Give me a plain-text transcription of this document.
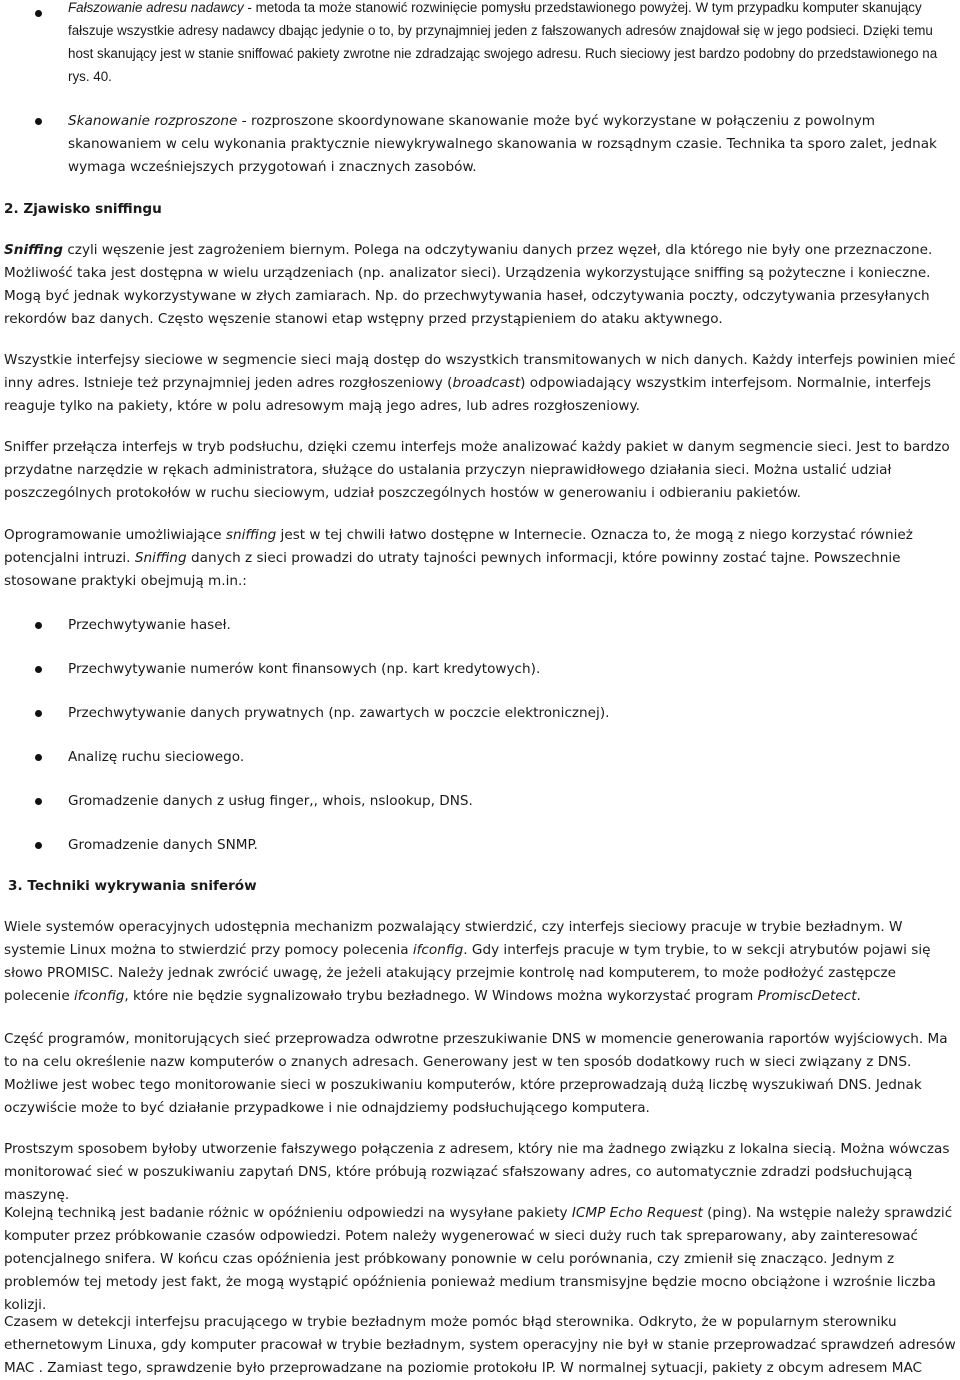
Fałszowanie adresu nadawcy - metoda ta może stanowić rozwinięcie pomysłu przedstawionego powyżej. W tym przypadku komputer skanujący fałszuje wszystkie adresy nadawcy dbając jedynie o to, by przynajmniej jeden z fałszowanych adresów znajdował się w jego podsieci. Dzięki temu host skanujący jest w stanie sniffować pakiety zwrotne nie zdradzając swojego adresu. Ruch sieciowy jest bardzo podobny do przedstawionego na rys. 40.
Skanowanie rozproszone - rozproszone skoordynowane skanowanie może być wykorzystane w połączeniu z powolnym skanowaniem w celu wykonania praktycznie niewykrywalnego skanowania w rozsądnym czasie. Technika ta sporo zalet, jednak wymaga wcześniejszych przygotowań i znacznych zasobów.
2. Zjawisko sniffingu
Sniffing czyli węszenie jest zagrożeniem biernym. Polega na odczytywaniu danych przez węzeł, dla którego nie były one przeznaczone. Możliwość taka jest dostępna w wielu urządzeniach (np. analizator sieci). Urządzenia wykorzystujące sniffing są pożyteczne i konieczne. Mogą być jednak wykorzystywane w złych zamiarach. Np. do przechwytywania haseł, odczytywania poczty, odczytywania przesyłanych rekordów baz danych. Często węszenie stanowi etap wstępny przed przystąpieniem do ataku aktywnego.
Wszystkie interfejsy sieciowe w segmencie sieci mają dostęp do wszystkich transmitowanych w nich danych. Każdy interfejs powinien mieć inny adres. Istnieje też przynajmniej jeden adres rozgłoszeniowy (broadcast) odpowiadający wszystkim interfejsom. Normalnie, interfejs reaguje tylko na pakiety, które w polu adresowym mają jego adres, lub adres rozgłoszeniowy.
Sniffer przełącza interfejs w tryb podsłuchu, dzięki czemu interfejs może analizować każdy pakiet w danym segmencie sieci. Jest to bardzo przydatne narzędzie w rękach administratora, służące do ustalania przyczyn nieprawidłowego działania sieci. Można ustalić udział poszczególnych protokołów w ruchu sieciowym, udział poszczególnych hostów w generowaniu i odbieraniu pakietów.
Oprogramowanie umożliwiające sniffing jest w tej chwili łatwo dostępne w Internecie. Oznacza to, że mogą z niego korzystać również potencjalni intruzi. Sniffing danych z sieci prowadzi do utraty tajności pewnych informacji, które powinny zostać tajne. Powszechnie stosowane praktyki obejmują m.in.:
Przechwytywanie haseł.
Przechwytywanie numerów kont finansowych (np. kart kredytowych).
Przechwytywanie danych prywatnych (np. zawartych w poczcie elektronicznej).
Analizę ruchu sieciowego.
Gromadzenie danych z usług finger,, whois, nslookup, DNS.
Gromadzenie danych SNMP.
3. Techniki wykrywania sniferów
Wiele systemów operacyjnych udostępnia mechanizm pozwalający stwierdzić, czy interfejs sieciowy pracuje w trybie bezładnym. W systemie Linux można to stwierdzić przy pomocy polecenia ifconfig. Gdy interfejs pracuje w tym trybie, to w sekcji atrybutów pojawi się słowo PROMISC. Należy jednak zwrócić uwagę, że jeżeli atakujący przejmie kontrolę nad komputerem, to może podłożyć zastępcze polecenie ifconfig, które nie będzie sygnalizowało trybu bezładnego. W Windows można wykorzystać program PromiscDetect.
Część programów, monitorujących sieć przeprowadza odwrotne przeszukiwanie DNS w momencie generowania raportów wyjściowych. Ma to na celu określenie nazw komputerów o znanych adresach. Generowany jest w ten sposób dodatkowy ruch w sieci związany z DNS. Możliwe jest wobec tego monitorowanie sieci w poszukiwaniu komputerów, które przeprowadzają dużą liczbę wyszukiwań DNS. Jednak oczywiście może to być działanie przypadkowe i nie odnajdziemy podsłuchującego komputera.
Prostszym sposobem byłoby utworzenie fałszywego połączenia z adresem, który nie ma żadnego związku z lokalna siecią. Można wówczas monitorować sieć w poszukiwaniu zapytań DNS, które próbują rozwiązać sfałszowany adres, co automatycznie zdradzi podsłuchującą maszynę.
Kolejną techniką jest badanie różnic w opóźnieniu odpowiedzi na wysyłane pakiety ICMP Echo Request (ping). Na wstępie należy sprawdzić komputer przez próbkowanie czasów odpowiedzi. Potem należy wygenerować w sieci duży ruch tak spreparowany, aby zainteresować potencjalnego snifera. W końcu czas opóźnienia jest próbkowany ponownie w celu porównania, czy zmienił się znacząco. Jednym z problemów tej metody jest fakt, że mogą wystąpić opóźnienia ponieważ medium transmisyjne będzie mocno obciążone i wzrośnie liczba kolizji.
Czasem w detekcji interfejsu pracującego w trybie bezładnym może pomóc błąd sterownika. Odkryto, że w popularnym sterowniku ethernetowym Linuxa, gdy komputer pracował w trybie bezładnym, system operacyjny nie był w stanie przeprowadzać sprawdzeń adresów MAC . Zamiast tego, sprawdzenie było przeprowadzane na poziomie protokołu IP. W normalnej sytuacji, pakiety z obcym adresem MAC
